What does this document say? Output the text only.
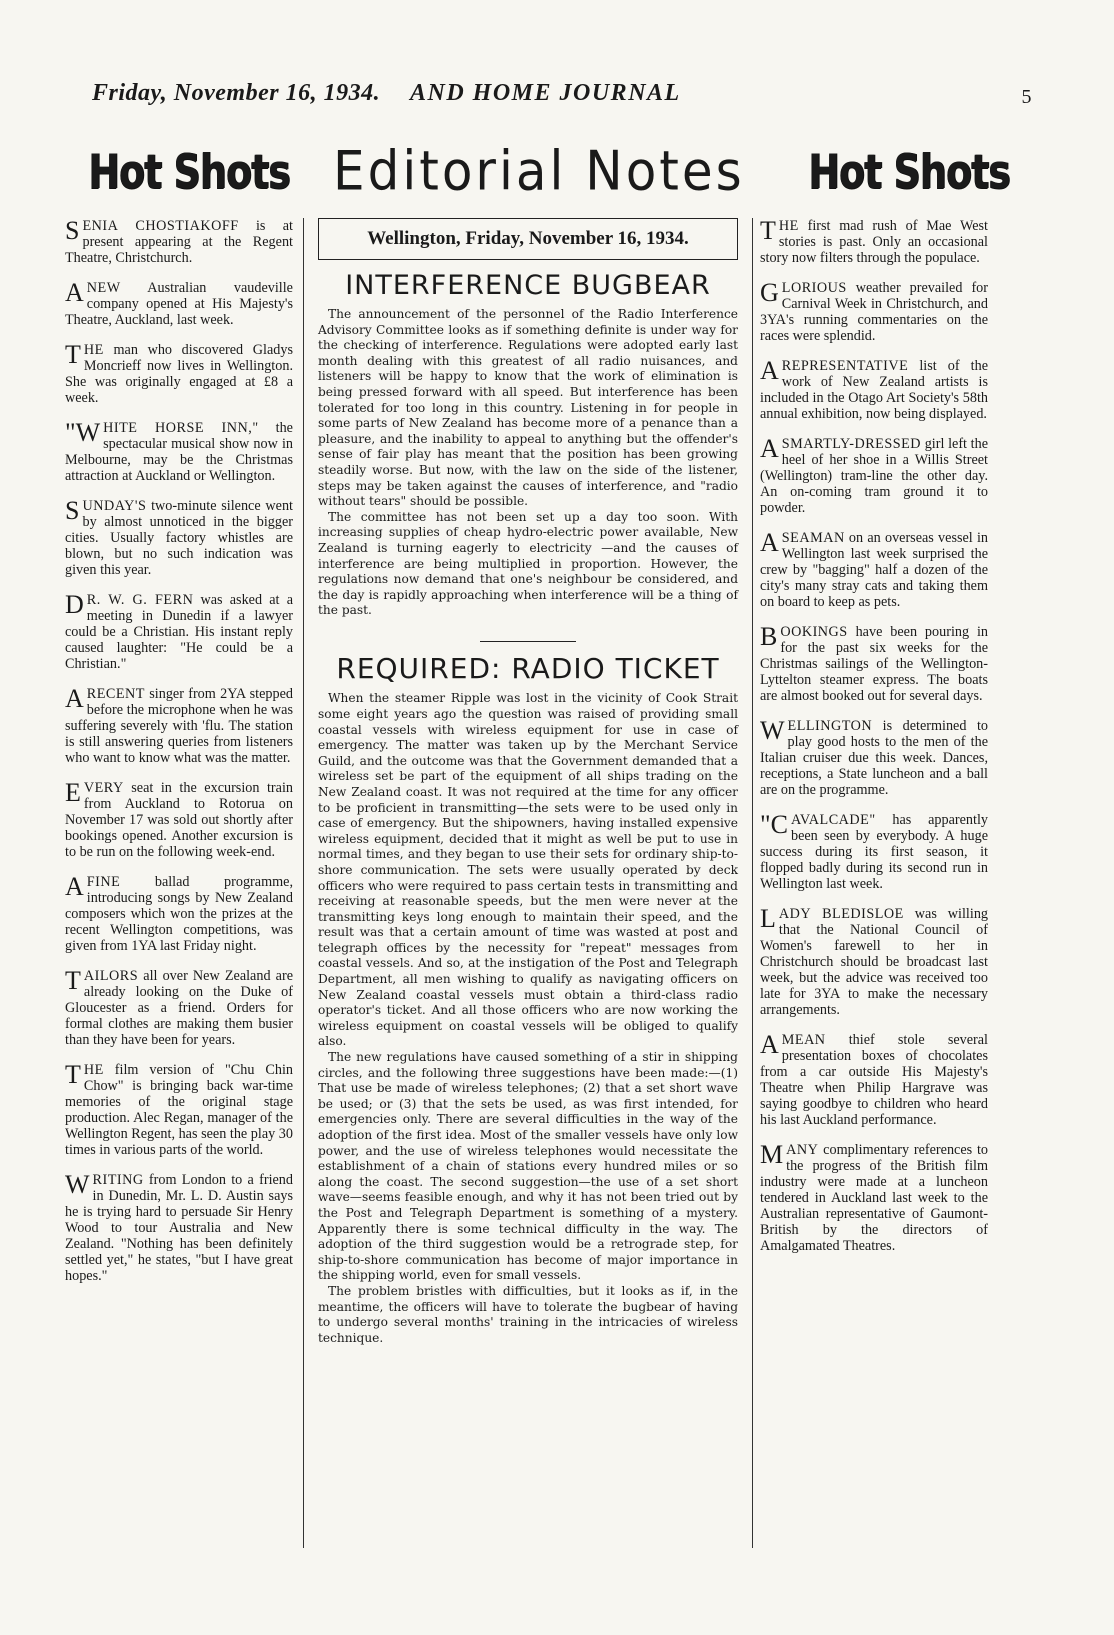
Friday, November 16, 1934. AND HOME JOURNAL	5
Hot Shots Editorial Notes Hot Shots
SENIA CHOSTIAKOFF is at present appearing at the Regent Theatre, Christchurch.
A NEW Australian vaudeville company opened at His Majesty's Theatre, Auckland, last week.
THE man who discovered Gladys Moncrieff now lives in Wellington. She was originally engaged at £8 a week.
"WHITE HORSE INN," the spectacular musical show now in Melbourne, may be the Christmas attraction at Auckland or Wellington.
SUNDAY'S two-minute silence went by almost unnoticed in the bigger cities. Usually factory whistles are blown, but no such indication was given this year.
D R. W. G. FERN was asked at a meeting in Dunedin if a lawyer could be a Christian. His instant reply caused laughter: "He could be a Christian."
A RECENT singer from 2YA stepped before the microphone when he was suffering severely with 'flu. The station is still answering queries from listeners who want to know what was the matter.
EVERY seat in the excursion train from Auckland to Rotorua on November 17 was sold out shortly after bookings opened. Another excursion is to be run on the following week-end.
A FINE ballad programme, introducing songs by New Zealand composers which won the prizes at the recent Wellington competitions, was given from 1YA last Friday night.
TAILORS all over New Zealand are already looking on the Duke of Gloucester as a friend. Orders for formal clothes are making them busier than they have been for years.
THE film version of "Chu Chin Chow" is bringing back war-time memories of the original stage production. Alec Regan, manager of the Wellington Regent, has seen the play 30 times in various parts of the world.
WRITING from London to a friend in Dunedin, Mr. L. D. Austin says he is trying hard to persuade Sir Henry Wood to tour Australia and New Zealand. "Nothing has been definitely settled yet," he states, "but I have great hopes."
Wellington, Friday, November 16, 1934.
INTERFERENCE BUGBEAR

The announcement of the personnel of the Radio Interference Advisory Committee looks as if something definite is under way for the checking of interference. Regulations were adopted early last month dealing with this greatest of all radio nuisances, and listeners will be happy to know that the work of elimination is being pressed forward with all speed. But interference has been tolerated for too long in this country. Listening in for people in some parts of New Zealand has become more of a penance than a pleasure, and the inability to appeal to anything but the offender's sense of fair play has meant that the position has been growing steadily worse. But now, with the law on the side of the listener, steps may be taken against the causes of interference, and "radio without tears" should be possible.

The committee has not been set up a day too soon. With increasing supplies of cheap hydro-electric power available, New Zealand is turning eagerly to electricity —and the causes of interference are being multiplied in proportion. However, the regulations now demand that one's neighbour be considered, and the day is rapidly approaching when interference will be a thing of the past.

REQUIRED: RADIO TICKET

When the steamer Ripple was lost in the vicinity of Cook Strait some eight years ago the question was raised of providing small coastal vessels with wireless equipment for use in case of emergency. The matter was taken up by the Merchant Service Guild, and the outcome was that the Government demanded that a wireless set be part of the equipment of all ships trading on the New Zealand coast. It was not required at the time for any officer to be proficient in transmitting—the sets were to be used only in case of emergency. But the shipowners, having installed expensive wireless equipment, decided that it might as well be put to use in normal times, and they began to use their sets for ordinary ship-to-shore communication. The sets were usually operated by deck officers who were required to pass certain tests in transmitting and receiving at reasonable speeds, but the men were never at the transmitting keys long enough to maintain their speed, and the result was that a certain amount of time was wasted at post and telegraph offices by the necessity for "repeat" messages from coastal vessels. And so, at the instigation of the Post and Telegraph Department, all men wishing to qualify as navigating officers on New Zealand coastal vessels must obtain a third-class radio operator's ticket. And all those officers who are now working the wireless equipment on coastal vessels will be obliged to qualify also.

The new regulations have caused something of a stir in shipping circles, and the following three suggestions have been made:—(1) That use be made of wireless telephones; (2) that a set short wave be used; or (3) that the sets be used, as was first intended, for emergencies only. There are several difficulties in the way of the adoption of the first idea. Most of the smaller vessels have only low power, and the use of wireless telephones would necessitate the establishment of a chain of stations every hundred miles or so along the coast. The second suggestion—the use of a set short wave—seems feasible enough, and why it has not been tried out by the Post and Telegraph Department is something of a mystery. Apparently there is some technical difficulty in the way. The adoption of the third suggestion would be a retrograde step, for ship-to-shore communication has become of major importance in the shipping world, even for small vessels.

The problem bristles with difficulties, but it looks as if, in the meantime, the officers will have to tolerate the bugbear of having to undergo several months' training in the intricacies of wireless technique.

THE first mad rush of Mae West stories is past. Only an occasional story now filters through the populace.
GLORIOUS weather prevailed for Carnival Week in Christchurch, and 3YA's running commentaries on the races were splendid.
A REPRESENTATIVE list of the work of New Zealand artists is included in the Otago Art Society's 58th annual exhibition, now being displayed.
A SMARTLY-DRESSED girl left the heel of her shoe in a Willis Street (Wellington) tram-line the other day. An on-coming tram ground it to powder.
A SEAMAN on an overseas vessel in Wellington last week surprised the crew by "bagging" half a dozen of the city's many stray cats and taking them on board to keep as pets.
BOOKINGS have been pouring in for the past six weeks for the Christmas sailings of the Wellington-Lyttelton steamer express. The boats are almost booked out for several days.
WELLINGTON is determined to play good hosts to the men of the Italian cruiser due this week. Dances, receptions, a State luncheon and a ball are on the programme.
"CAVALCADE" has apparently been seen by everybody. A huge success during its first season, it flopped badly during its second run in Wellington last week.
LADY BLEDISLOE was willing that the National Council of Women's farewell to her in Christchurch should be broadcast last week, but the advice was received too late for 3YA to make the necessary arrangements.
A MEAN thief stole several presentation boxes of chocolates from a car outside His Majesty's Theatre when Philip Hargrave was saying goodbye to children who heard his last Auckland performance.
MANY complimentary references to the progress of the British film industry were made at a luncheon tendered in Auckland last week to the Australian representative of Gaumont-British by the directors of Amalgamated Theatres.
